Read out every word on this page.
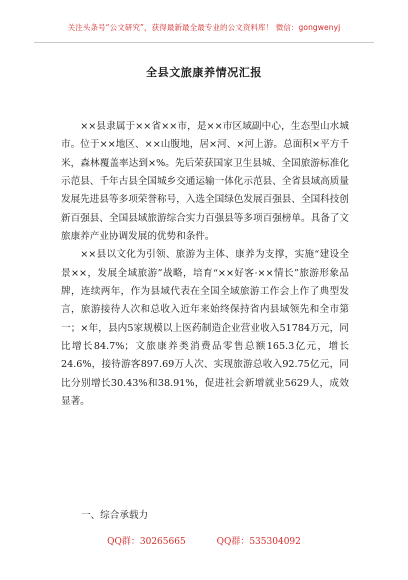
关注头条号“公文研究”，获得最新最全最专业的公文资料库！ 微信：gongwenyj
全县文旅康养情况汇报

××县隶属于××省××市，是××市区域副中心，生态型山水城市。位于××地区、××山腹地，居×河、×河上游。总面积×平方千米，森林覆盖率达到×%。先后荣获国家卫生县城、全国旅游标准化示范县、千年古县全国城乡交通运输一体化示范县、全省县域高质量发展先进县等多项荣誉称号，入选全国绿色发展百强县、全国科技创新百强县、全国县域旅游综合实力百强县等多项百强榜单。具备了文旅康养产业协调发展的优势和条件。

××县以文化为引领、旅游为主体、康养为支撑，实施“建设全景××，发展全域旅游”战略，培育“××好客·××情长”旅游形象品牌，连续两年，作为县域代表在全国全域旅游工作会上作了典型发言，旅游接待人次和总收入近年来始终保持省内县域领先和全市第一；×年，县内5家规模以上医药制造企业营业收入51784万元，同比增长84.7%；文旅康养类消费品零售总额165.3亿元，增长24.6%，接待游客897.69万人次、实现旅游总收入92.75亿元，同比分别增长30.43%和38.91%，促进社会新增就业5629人，成效显著。

一、综合承载力
QQ群：30265665	QQ群：535304092
